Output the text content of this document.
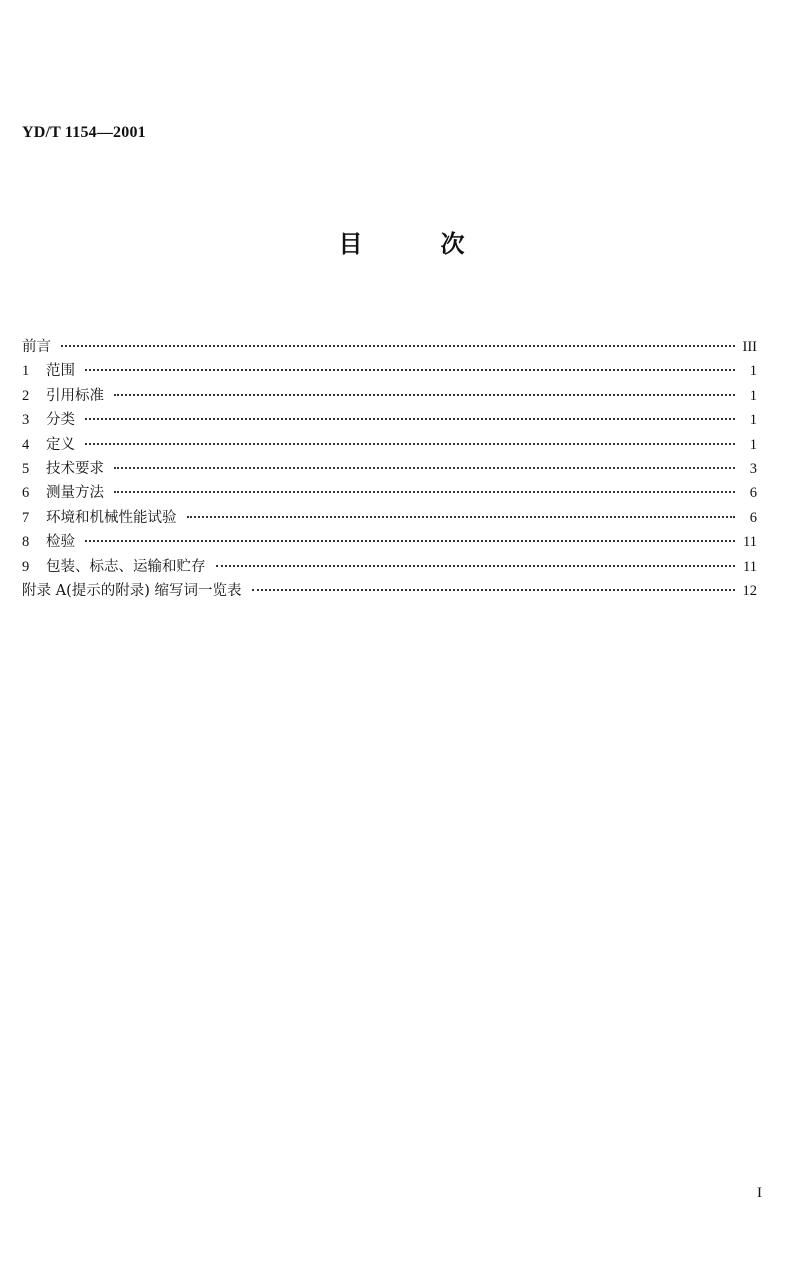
YD/T 1154—2001
目	次
前言	III
1	范围	1
2	引用标准	1
3	分类	1
4	定义	1
5	技术要求	3
6	测量方法	6
7	环境和机械性能试验	6
8	检验	11
9	包装、标志、运输和贮存	11
附录 A(提示的附录) 缩写词一览表	12
I
